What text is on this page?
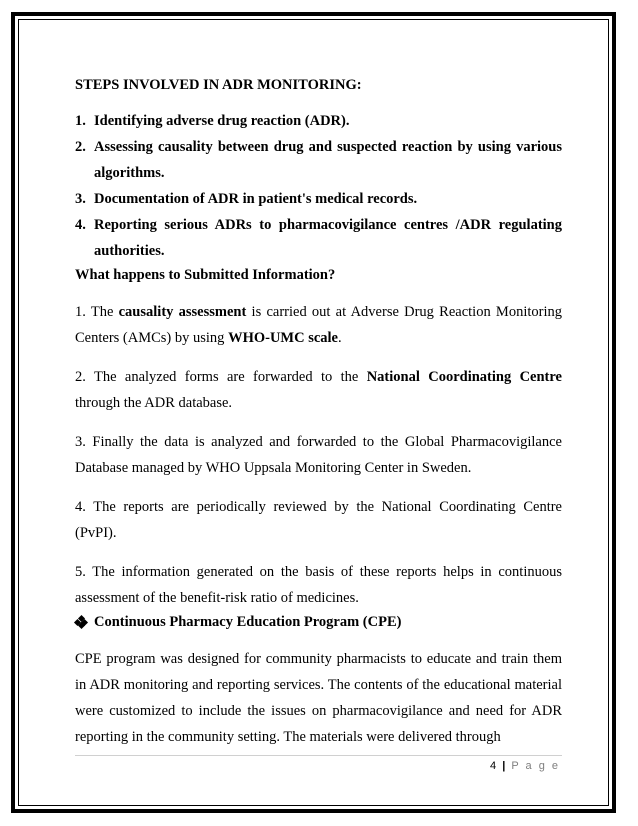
STEPS INVOLVED IN ADR MONITORING:

1. Identifying adverse drug reaction (ADR).
2. Assessing causality between drug and suspected reaction by using various algorithms.
3. Documentation of ADR in patient's medical records.
4. Reporting serious ADRs to pharmacovigilance centres /ADR regulating authorities.

What happens to Submitted Information?

1. The causality assessment is carried out at Adverse Drug Reaction Monitoring Centers (AMCs) by using WHO-UMC scale.

2. The analyzed forms are forwarded to the National Coordinating Centre through the ADR database.

3. Finally the data is analyzed and forwarded to the Global Pharmacovigilance Database managed by WHO Uppsala Monitoring Center in Sweden.

4. The reports are periodically reviewed by the National Coordinating Centre (PvPI).

5. The information generated on the basis of these reports helps in continuous assessment of the benefit-risk ratio of medicines.

Continuous Pharmacy Education Program (CPE)

CPE program was designed for community pharmacists to educate and train them in ADR monitoring and reporting services. The contents of the educational material were customized to include the issues on pharmacovigilance and need for ADR reporting in the community setting. The materials were delivered through

4 | P a g e
